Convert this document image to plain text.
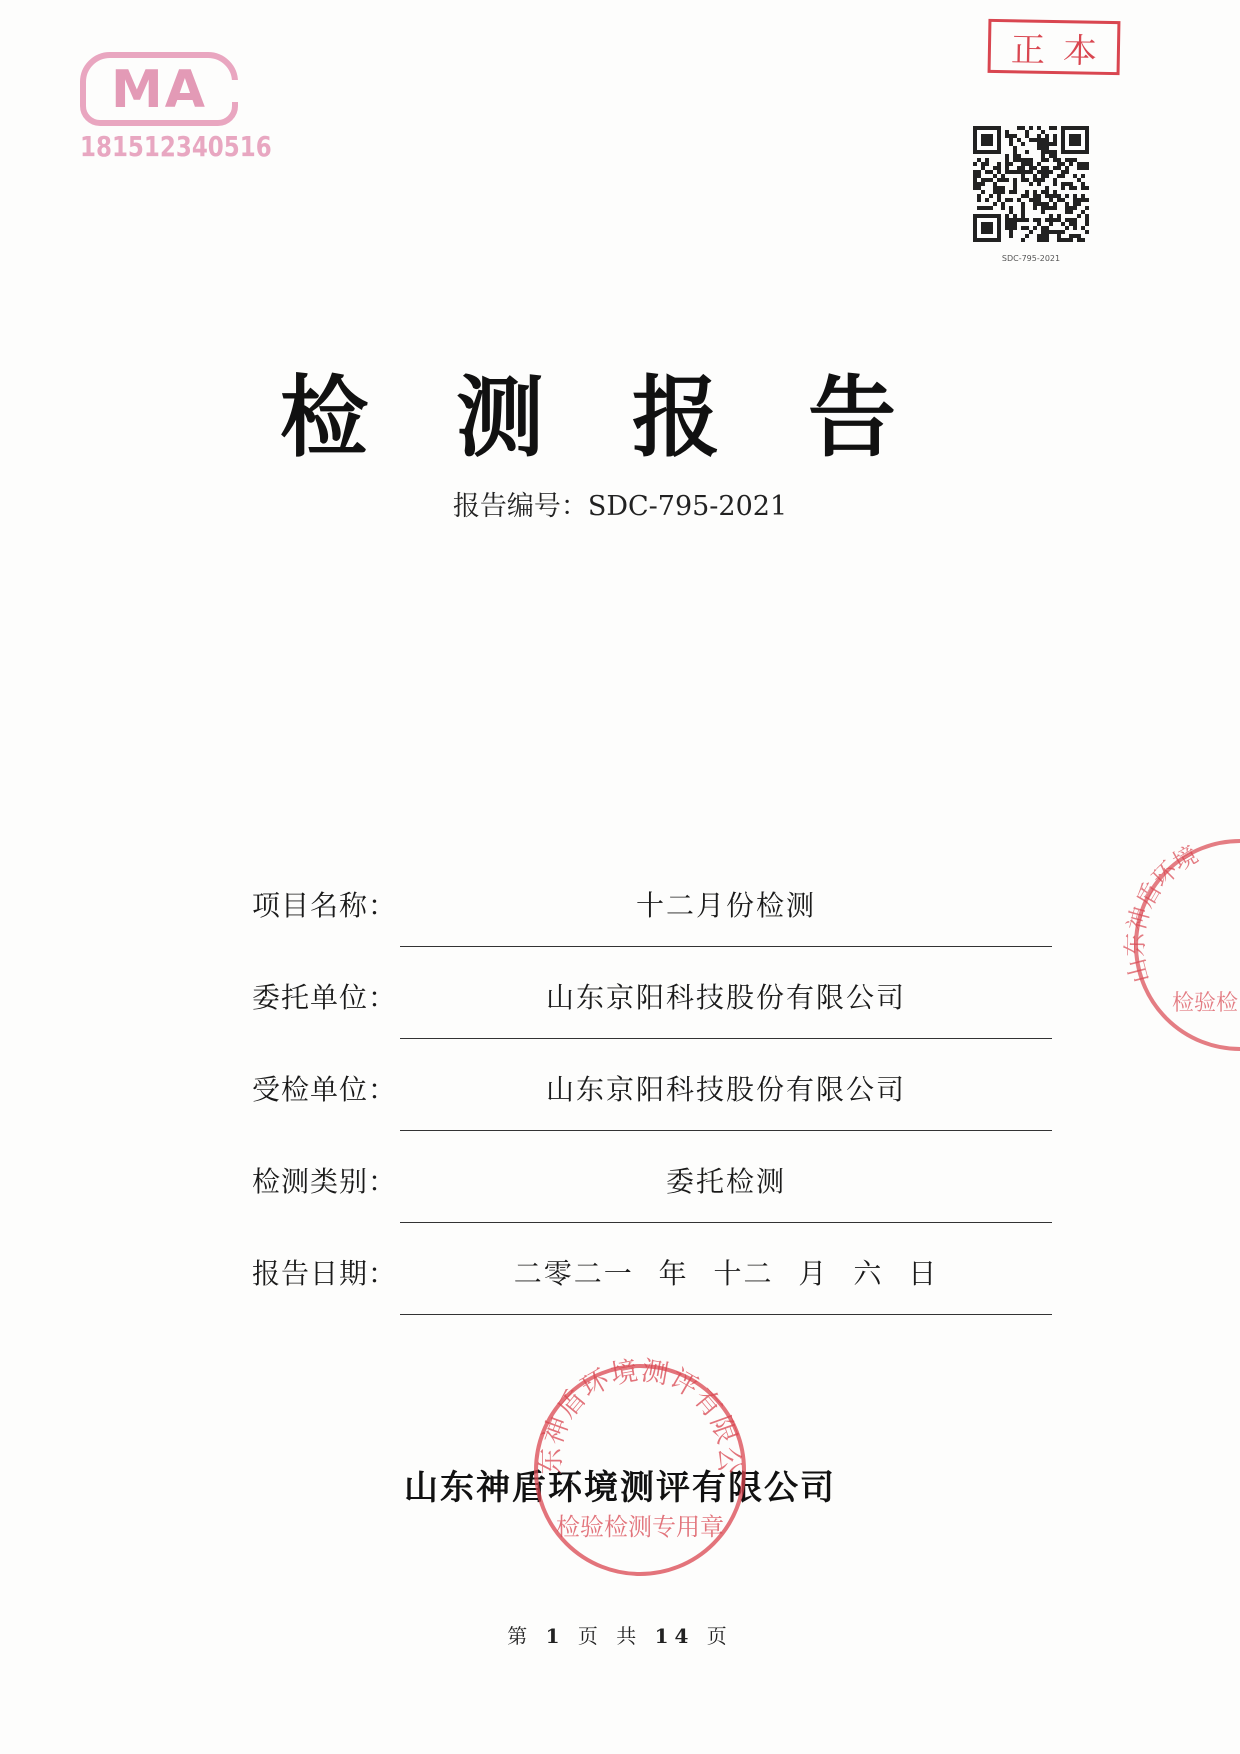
MA
181512340516
正本
SDC-795-2021
检测报告
报告编号：SDC-795-2021
项目名称：	十二月份检测
委托单位：	山东京阳科技股份有限公司
受检单位：	山东京阳科技股份有限公司
检测类别：	委托检测
报告日期：	二零二一 年 十二 月 六 日
山东神盾环境测评有限公司
山东神盾环境测评有限公司
检验检测专用章
山东神盾环境
检验检
第 1 页 共 14 页
